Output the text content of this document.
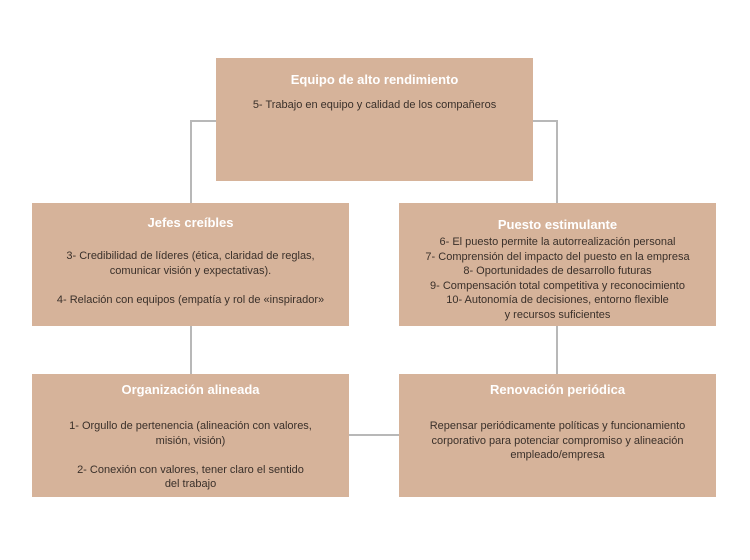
Equipo de alto rendimiento
5- Trabajo en equipo y calidad de los compañeros
Jefes creíbles
3- Credibilidad de líderes (ética, claridad de reglas,
comunicar visión y expectativas).
4- Relación con equipos (empatía y rol de «inspirador»
Puesto estimulante
6- El puesto permite la autorrealización personal
7- Comprensión del impacto del puesto en la empresa
8- Oportunidades de desarrollo futuras
9- Compensación total competitiva y reconocimiento
10- Autonomía de decisiones, entorno flexible
y recursos suficientes
Organización alineada
1- Orgullo de pertenencia (alineación con valores,
misión, visión)
2- Conexión con valores, tener claro el sentido
del trabajo
Renovación periódica
Repensar periódicamente políticas y funcionamiento
corporativo para potenciar compromiso y alineación
empleado/empresa
